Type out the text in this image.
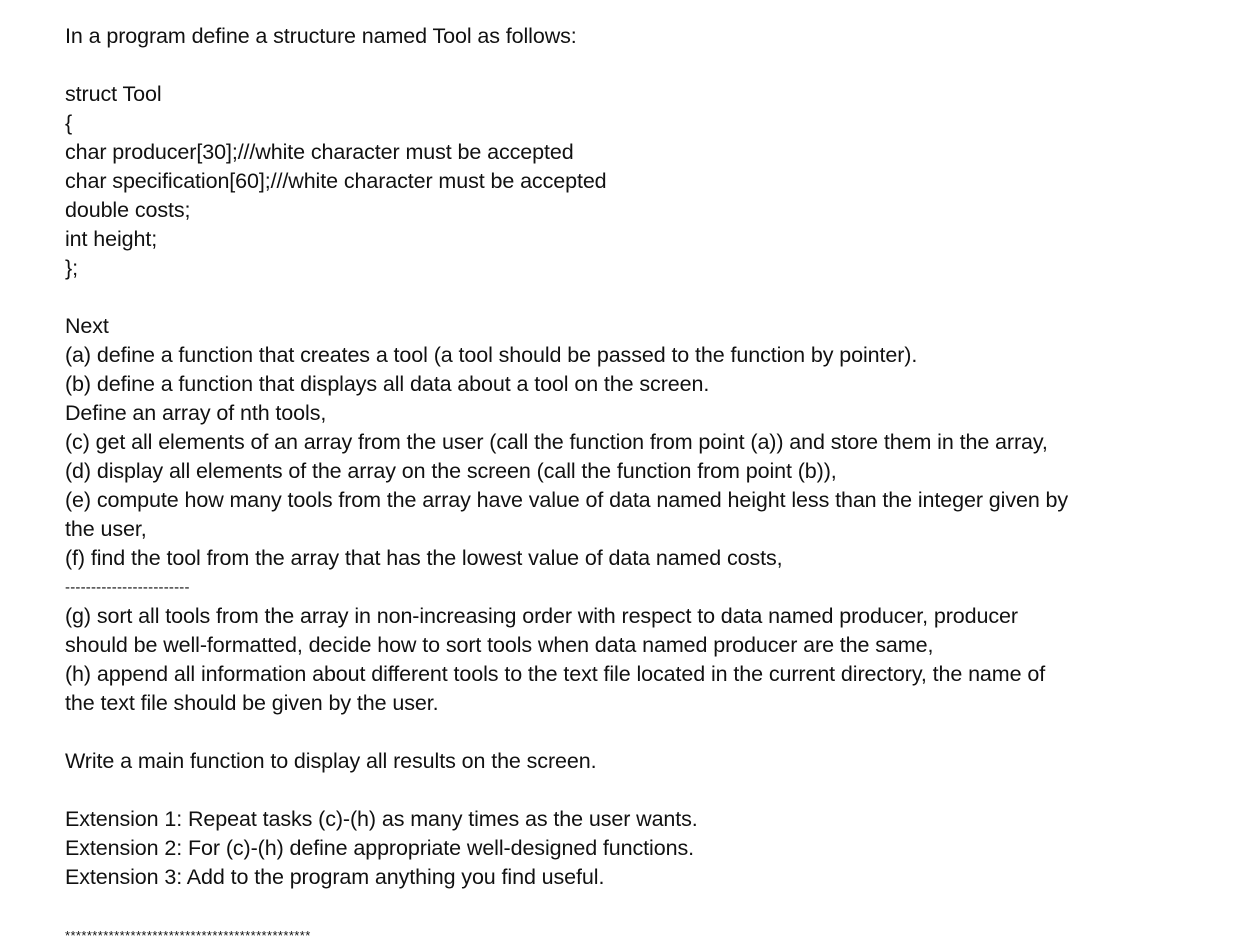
In a program define a structure named Tool as follows:
struct Tool
{
char producer[30];///white character must be accepted
char specification[60];///white character must be accepted
double costs;
int height;
};
Next
(a) define a function that creates a tool (a tool should be passed to the function by pointer).
(b) define a function that displays all data about a tool on the screen.
Define an array of nth tools,
(c) get all elements of an array from the user (call the function from point (a)) and store them in the array,
(d) display all elements of the array on the screen (call the function from point (b)),
(e) compute how many tools from the array have value of data named height less than the integer given by
the user,
(f) find the tool from the array that has the lowest value of data named costs,
------------------------
(g) sort all tools from the array in non-increasing order with respect to data named producer, producer
should be well-formatted, decide how to sort tools when data named producer are the same,
(h) append all information about different tools to the text file located in the current directory, the name of
the text file should be given by the user.
Write a main function to display all results on the screen.
Extension 1: Repeat tasks (c)-(h) as many times as the user wants.
Extension 2: For (c)-(h) define appropriate well-designed functions.
Extension 3: Add to the program anything you find useful.
*********************************************
